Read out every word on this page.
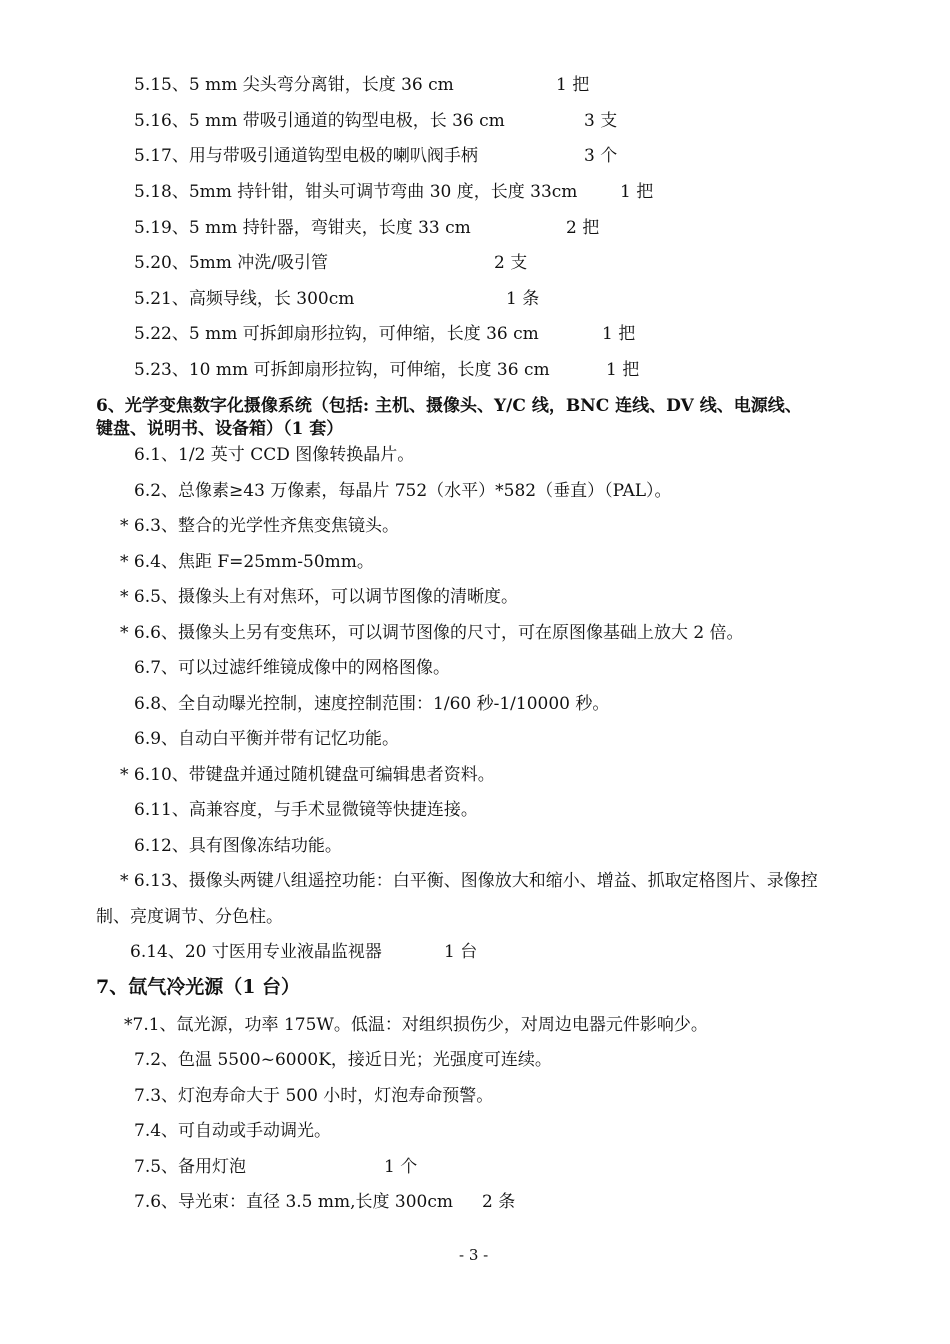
5.15、5 mm 尖头弯分离钳，长度 36 cm	1 把
5.16、5 mm 带吸引通道的钩型电极，长 36 cm	3 支
5.17、用与带吸引通道钩型电极的喇叭阀手柄	3 个
5.18、5mm 持针钳，钳头可调节弯曲 30 度，长度 33cm	1 把
5.19、5 mm 持针器，弯钳夹，长度 33 cm	2 把
5.20、5mm 冲洗/吸引管	2 支
5.21、高频导线，长 300cm	1 条
5.22、5 mm 可拆卸扇形拉钩，可伸缩，长度 36 cm	1 把
5.23、10 mm 可拆卸扇形拉钩，可伸缩，长度 36 cm	1 把
6、光学变焦数字化摄像系统（包括: 主机、摄像头、Y/C 线，BNC 连线、DV 线、电源线、
键盘、说明书、设备箱）（1 套）
6.1、1/2 英寸 CCD 图像转换晶片。
6.2、总像素≥43 万像素，每晶片 752（水平）*582（垂直）（PAL）。
* 6.3、整合的光学性齐焦变焦镜头。
* 6.4、焦距 F=25mm-50mm。
* 6.5、摄像头上有对焦环，可以调节图像的清晰度。
* 6.6、摄像头上另有变焦环，可以调节图像的尺寸，可在原图像基础上放大 2 倍。
6.7、可以过滤纤维镜成像中的网格图像。
6.8、全自动曝光控制，速度控制范围：1/60 秒-1/10000 秒。
6.9、自动白平衡并带有记忆功能。
* 6.10、带键盘并通过随机键盘可编辑患者资料。
6.11、高兼容度，与手术显微镜等快捷连接。
6.12、具有图像冻结功能。
* 6.13、摄像头两键八组遥控功能：白平衡、图像放大和缩小、增益、抓取定格图片、录像控
制、亮度调节、分色柱。
6.14、20 寸医用专业液晶监视器	1 台
7、氙气冷光源（1 台）
*7.1、氙光源，功率 175W。低温：对组织损伤少，对周边电器元件影响少。
7.2、色温 5500~6000K，接近日光；光强度可连续。
7.3、灯泡寿命大于 500 小时，灯泡寿命预警。
7.4、可自动或手动调光。
7.5、备用灯泡	1 个
7.6、导光束：直径 3.5 mm,长度 300cm 2 条
- 3 -
